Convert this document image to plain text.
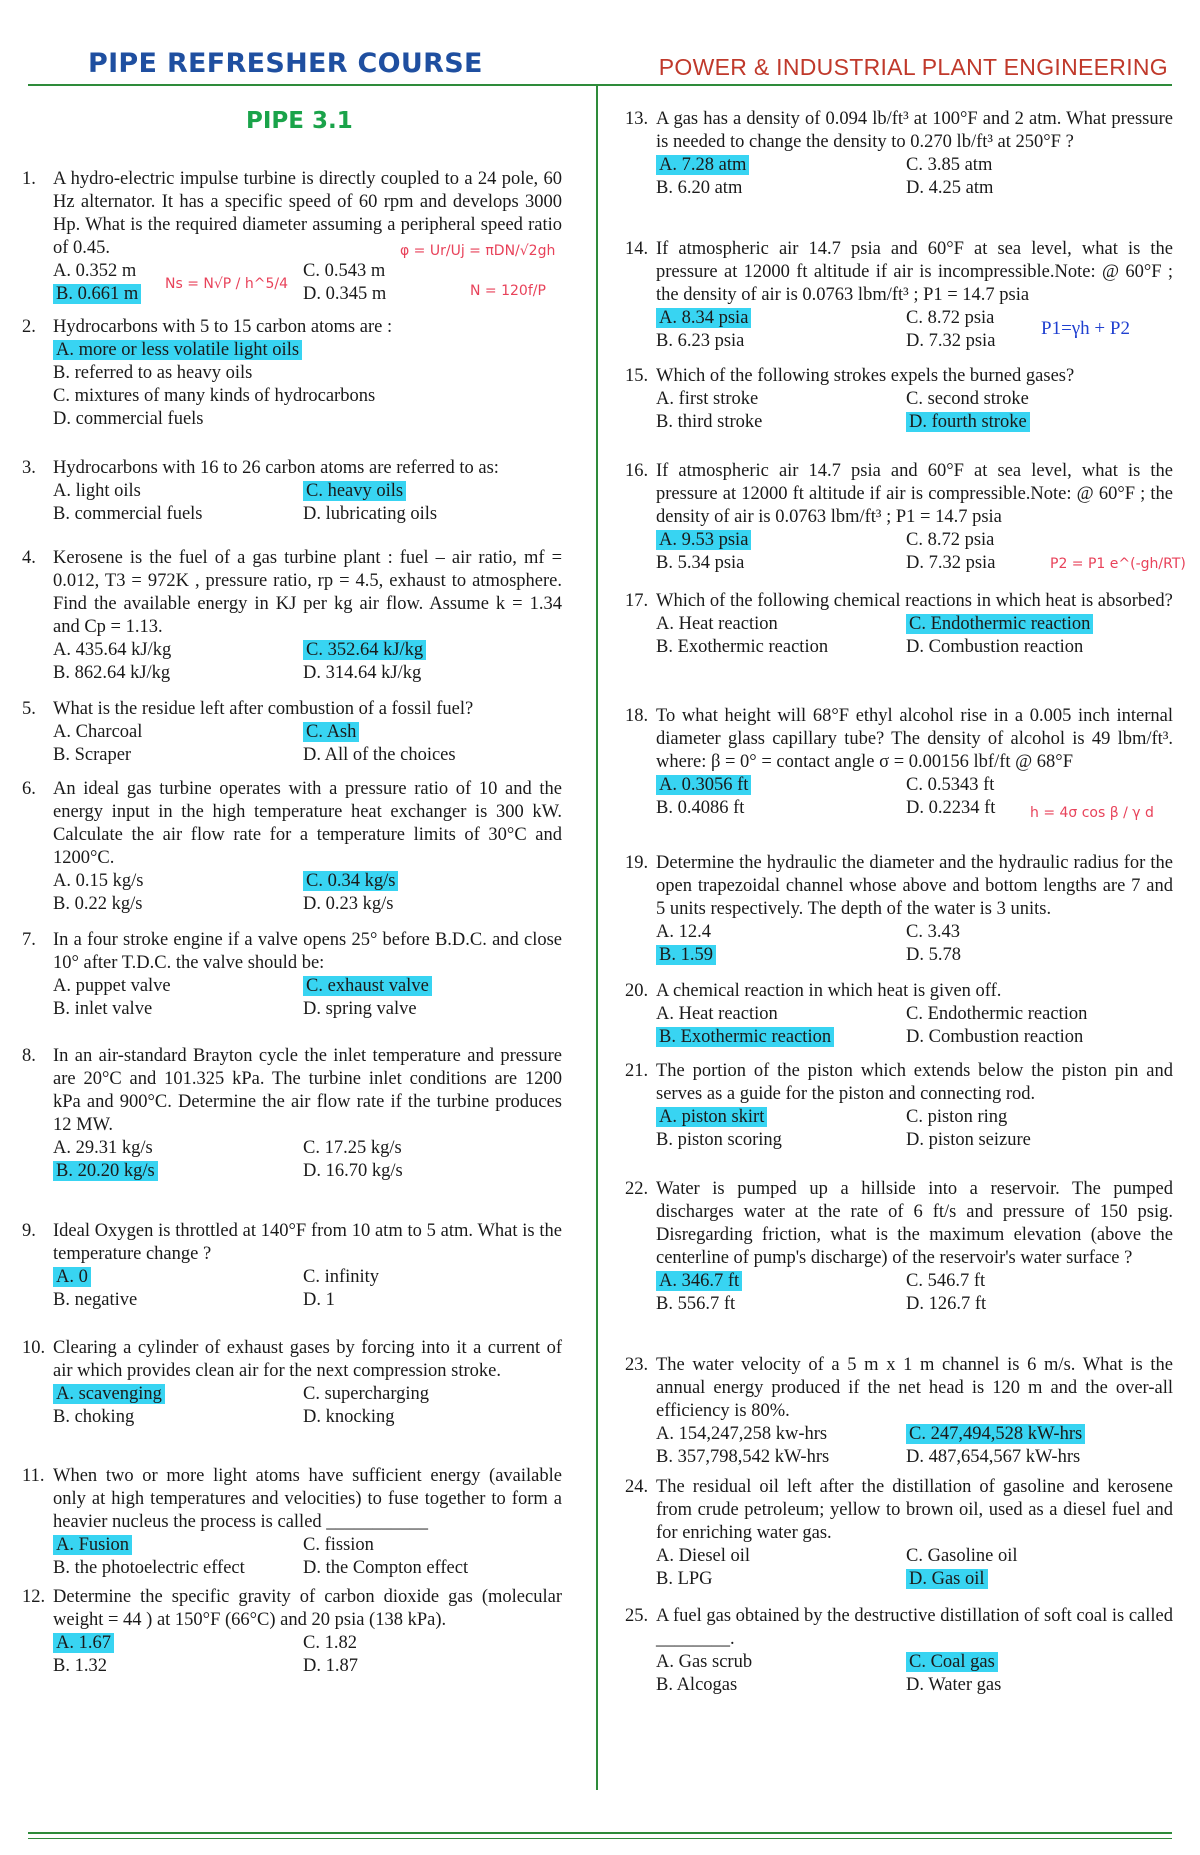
PIPE REFRESHER COURSE	POWER & INDUSTRIAL PLANT ENGINEERING
PIPE 3.1
1. A hydro-electric impulse turbine is directly coupled to a 24 pole, 60 Hz alternator. It has a specific speed of 60 rpm and develops 3000 Hp. What is the required diameter assuming a peripheral speed ratio of 0.45.
A. 0.352 m
B. 0.661 m
C. 0.543 m
D. 0.345 m
2. Hydrocarbons with 5 to 15 carbon atoms are :
A. more or less volatile light oils
B. referred to as heavy oils
C. mixtures of many kinds of hydrocarbons
D. commercial fuels
3. Hydrocarbons with 16 to 26 carbon atoms are referred to as:
A. light oils
B. commercial fuels
C. heavy oils
D. lubricating oils
4. Kerosene is the fuel of a gas turbine plant : fuel – air ratio, mf = 0.012, T3 = 972K , pressure ratio, rp = 4.5, exhaust to atmosphere. Find the available energy in KJ per kg air flow. Assume k = 1.34 and Cp = 1.13.
A. 435.64 kJ/kg
B. 862.64 kJ/kg
C. 352.64 kJ/kg
D. 314.64 kJ/kg
5. What is the residue left after combustion of a fossil fuel?
A. Charcoal
B. Scraper
C. Ash
D. All of the choices
6. An ideal gas turbine operates with a pressure ratio of 10 and the energy input in the high temperature heat exchanger is 300 kW. Calculate the air flow rate for a temperature limits of 30°C and 1200°C.
A. 0.15 kg/s
B. 0.22 kg/s
C. 0.34 kg/s
D. 0.23 kg/s
7. In a four stroke engine if a valve opens 25° before B.D.C. and close 10° after T.D.C. the valve should be:
A. puppet valve
B. inlet valve
C. exhaust valve
D. spring valve
8. In an air-standard Brayton cycle the inlet temperature and pressure are 20°C and 101.325 kPa. The turbine inlet conditions are 1200 kPa and 900°C. Determine the air flow rate if the turbine produces 12 MW.
A. 29.31 kg/s
B. 20.20 kg/s
C. 17.25 kg/s
D. 16.70 kg/s
9. Ideal Oxygen is throttled at 140°F from 10 atm to 5 atm. What is the temperature change ?
A. 0
B. negative
C. infinity
D. 1
10. Clearing a cylinder of exhaust gases by forcing into it a current of air which provides clean air for the next compression stroke.
A. scavenging
B. choking
C. supercharging
D. knocking
11. When two or more light atoms have sufficient energy (available only at high temperatures and velocities) to fuse together to form a heavier nucleus the process is called ___________
A. Fusion
B. the photoelectric effect
C. fission
D. the Compton effect
12. Determine the specific gravity of carbon dioxide gas (molecular weight = 44 ) at 150°F (66°C) and 20 psia (138 kPa).
A. 1.67
B. 1.32
C. 1.82
D. 1.87
13. A gas has a density of 0.094 lb/ft³ at 100°F and 2 atm. What pressure is needed to change the density to 0.270 lb/ft³ at 250°F ?
A. 7.28 atm
B. 6.20 atm
C. 3.85 atm
D. 4.25 atm
14. If atmospheric air 14.7 psia and 60°F at sea level, what is the pressure at 12000 ft altitude if air is incompressible.Note: @ 60°F ; the density of air is 0.0763 lbm/ft³ ; P1 = 14.7 psia
A. 8.34 psia
B. 6.23 psia
C. 8.72 psia
D. 7.32 psia
15. Which of the following strokes expels the burned gases?
A. first stroke
B. third stroke
C. second stroke
D. fourth stroke
16. If atmospheric air 14.7 psia and 60°F at sea level, what is the pressure at 12000 ft altitude if air is compressible.Note: @ 60°F ; the density of air is 0.0763 lbm/ft³ ; P1 = 14.7 psia
A. 9.53 psia
B. 5.34 psia
C. 8.72 psia
D. 7.32 psia
17. Which of the following chemical reactions in which heat is absorbed?
A. Heat reaction
B. Exothermic reaction
C. Endothermic reaction
D. Combustion reaction
18. To what height will 68°F ethyl alcohol rise in a 0.005 inch internal diameter glass capillary tube? The density of alcohol is 49 lbm/ft³. where: β = 0° = contact angle σ = 0.00156 lbf/ft @ 68°F
A. 0.3056 ft
B. 0.4086 ft
C. 0.5343 ft
D. 0.2234 ft
19. Determine the hydraulic the diameter and the hydraulic radius for the open trapezoidal channel whose above and bottom lengths are 7 and 5 units respectively. The depth of the water is 3 units.
A. 12.4
B. 1.59
C. 3.43
D. 5.78
20. A chemical reaction in which heat is given off.
A. Heat reaction
B. Exothermic reaction
C. Endothermic reaction
D. Combustion reaction
21. The portion of the piston which extends below the piston pin and serves as a guide for the piston and connecting rod.
A. piston skirt
B. piston scoring
C. piston ring
D. piston seizure
22. Water is pumped up a hillside into a reservoir. The pumped discharges water at the rate of 6 ft/s and pressure of 150 psig. Disregarding friction, what is the maximum elevation (above the centerline of pump's discharge) of the reservoir's water surface ?
A. 346.7 ft
B. 556.7 ft
C. 546.7 ft
D. 126.7 ft
23. The water velocity of a 5 m x 1 m channel is 6 m/s. What is the annual energy produced if the net head is 120 m and the over-all efficiency is 80%.
A. 154,247,258 kw-hrs
B. 357,798,542 kW-hrs
C. 247,494,528 kW-hrs
D. 487,654,567 kW-hrs
24. The residual oil left after the distillation of gasoline and kerosene from crude petroleum; yellow to brown oil, used as a diesel fuel and for enriching water gas.
A. Diesel oil
B. LPG
C. Gasoline oil
D. Gas oil
25. A fuel gas obtained by the destructive distillation of soft coal is called ________.
A. Gas scrub
B. Alcogas
C. Coal gas
D. Water gas
φ = Ur/Uj = πDN/√2gh
Ns = N√P / h^5/4	N = 120f/P
P1=γh + P2
P2 = P1 e^(-gh/RT)
h = 4σ cos β / γ d
